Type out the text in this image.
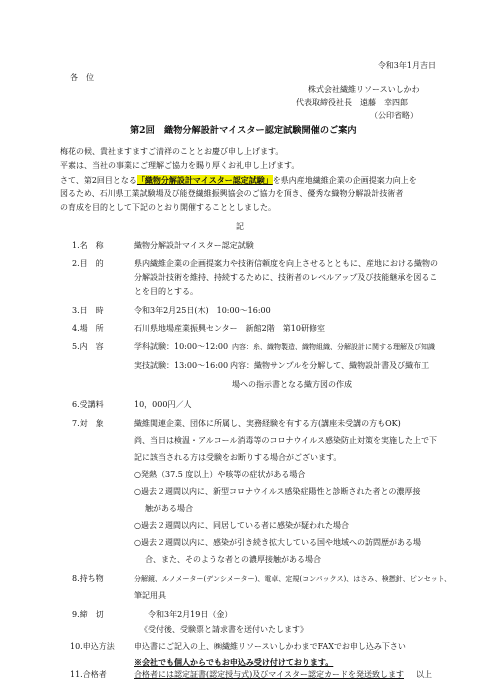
令和3年1月吉日
各　位
株式会社繊維リソースいしかわ
代表取締役社長　遠藤　幸四郎
（公印省略）
第2回　織物分解設計マイスター認定試験開催のご案内
梅花の候、貴社ますますご清祥のこととお慶び申し上げます。
平素は、当社の事業にご理解ご協力を賜り厚くお礼申し上げます。
さて、第2回目となる「織物分解設計マイスター認定試験」を県内産地繊維企業の企画提案力向上を
図るため、石川県工業試験場及び能登繊維振興協会のご協力を頂き、優秀な織物分解設計技術者
の育成を目的として下記のとおり開催することとしました。
記
1.名　称	織物分解設計マイスター認定試験
2.目　的	県内繊維企業の企画提案力や技術信頼度を向上させるとともに、産地における織物の
分解設計技術を維持、持続するために、技術者のレベルアップ及び技能継承を図るこ
とを目的とする。
3.日　時	令和3年2月25日(木)　10:00～16:00
4.場　所	石川県地場産業振興センター　新館2階　第10研修室
5.内　容	学科試験：10:00～12:00 内容：糸、織物製造、織物組織、分解設計に関する理解及び知識
実技試験：13:00～16:00 内容：織物サンプルを分解して、織物設計書及び織布工
場への指示書となる織方図の作成
6.受講料	10，000円／人
7.対　象	織維関連企業、団体に所属し、実務経験を有する方(講座未受講の方もOK)
尚、当日は検温・アルコール消毒等のコロナウイルス感染防止対策を実施した上で下
記に該当される方は受験をお断りする場合がございます。
○発熱（37.5 度以上）や咳等の症状がある場合
○過去２週間以内に、新型コロナウイルス感染症陽性と診断された者との濃厚接
触がある場合
○過去２週間以内に、同居している者に感染が疑われた場合
○過去２週間以内に、感染が引き続き拡大している国や地域への訪問歴がある場
合、また、そのような者との濃厚接触がある場合
8.持ち物	分解鏡、ルノメーター(デンシメーター)、電卓、定規(コンパックス)、はさみ、検撚針、ピンセット、
筆記用具
9.締　切	令和3年2月19日（金）
《受付後、受験票と請求書を送付いたします》
10.申込方法 申込書にご記入の上、㈱繊維リソースいしかわまでFAXでお申し込み下さい
※会社でも個人からでもお申込み受け付けております。
11.合格者	合格者には認定証書(認定授与式)及びマイスター認定カードを発送致します 以上
